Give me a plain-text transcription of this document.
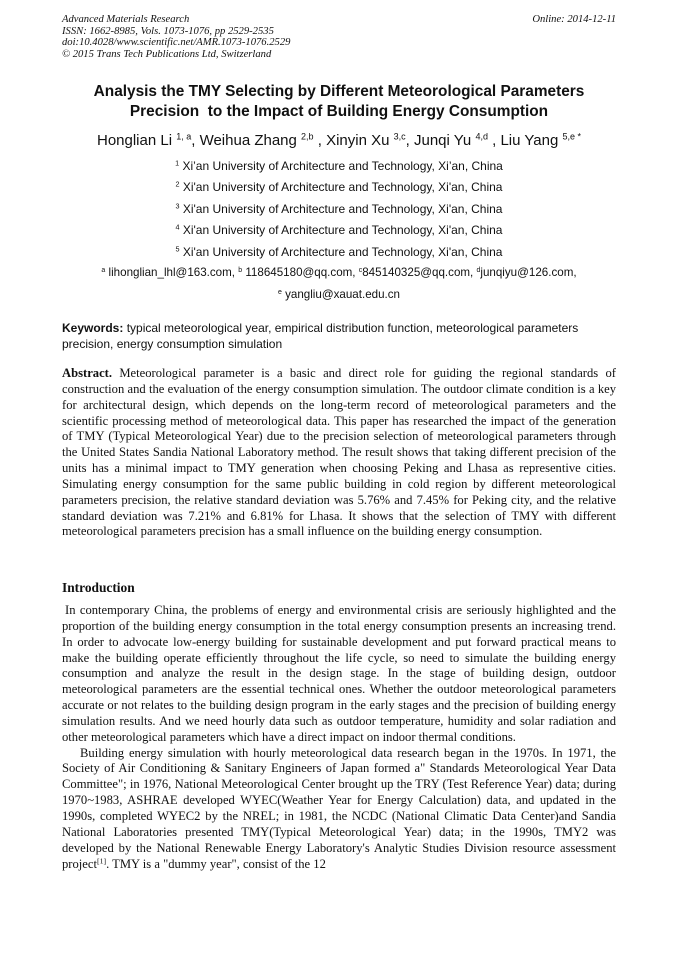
Advanced Materials Research
ISSN: 1662-8985, Vols. 1073-1076, pp 2529-2535
doi:10.4028/www.scientific.net/AMR.1073-1076.2529
© 2015 Trans Tech Publications Ltd, Switzerland
Online: 2014-12-11
Analysis the TMY Selecting by Different Meteorological Parameters
Precision  to the Impact of Building Energy Consumption
Honglian Li $^{1, a}$, Weihua Zhang $^{2,b}$ , Xinyin Xu $^{3,c}$, Junqi Yu $^{4,d}$ , Liu Yang $^{5,e *}$
$^1$ Xi’an University of Architecture and Technology, Xi’an, China
$^2$ Xi'an University of Architecture and Technology, Xi'an, China
$^3$ Xi'an University of Architecture and Technology, Xi'an, China
$^4$ Xi'an University of Architecture and Technology, Xi'an, China
$^5$ Xi'an University of Architecture and Technology, Xi'an, China
$^a$ lihonglian_lhl@163.com, $^b$ 118645180@qq.com, $^c$845140325@qq.com, $^d$junqiyu@126.com,
$^e$ yangliu@xauat.edu.cn
Keywords: typical meteorological year, empirical distribution function, meteorological parameters precision, energy consumption simulation

Abstract. Meteorological parameter is a basic and direct role for guiding the regional standards of construction and the evaluation of the energy consumption simulation. The outdoor climate condition is a key for architectural design, which depends on the long-term record of meteorological parameters and the scientific processing method of meteorological data. This paper has researched the impact of the generation of TMY (Typical Meteorological Year) due to the precision selection of meteorological parameters through the United States Sandia National Laboratory method. The result shows that taking different precision of the units has a minimal impact to TMY generation when choosing Peking and Lhasa as representive cities. Simulating energy consumption for the same public building in cold region by different meteorological parameters precision, the relative standard deviation was 5.76% and 7.45% for Peking city, and the relative standard deviation was 7.21% and 6.81% for Lhasa. It shows that the selection of TMY with different meteorological parameters precision has a small influence on the building energy consumption.

Introduction

In contemporary China, the problems of energy and environmental crisis are seriously highlighted and the proportion of the building energy consumption in the total energy consumption presents an increasing trend. In order to advocate low-energy building for sustainable development and put forward practical means to make the building operate efficiently throughout the life cycle, so need to simulate the building energy consumption and analyze the result in the design stage. In the stage of building design, outdoor meteorological parameters are the essential technical ones. Whether the outdoor meteorological parameters accurate or not relates to the building design program in the early stages and the precision of building energy simulation results. And we need hourly data such as outdoor temperature, humidity and solar radiation and other meteorological parameters which have a direct impact on indoor thermal conditions.

Building energy simulation with hourly meteorological data research began in the 1970s. In 1971, the Society of Air Conditioning & Sanitary Engineers of Japan formed a" Standards Meteorological Year Data Committee"; in 1976, National Meteorological Center brought up the TRY (Test Reference Year) data; during 1970~1983, ASHRAE developed WYEC(Weather Year for Energy Calculation) data, and updated in the 1990s, completed WYEC2 by the NREL; in 1981, the NCDC (National Climatic Data Center)and Sandia National Laboratories presented TMY(Typical Meteorological Year) data; in the 1990s, TMY2 was developed by the National Renewable Energy Laboratory's Analytic Studies Division resource assessment project[1]. TMY is a "dummy year", consist of the 12
